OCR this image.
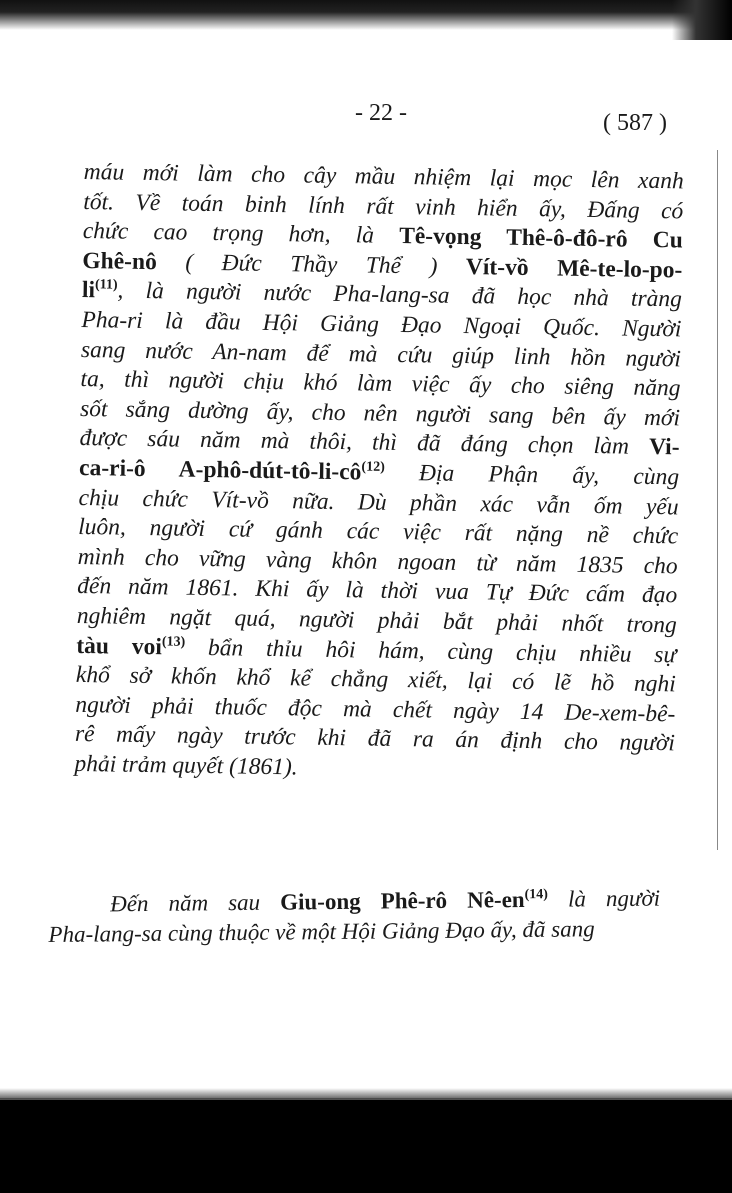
- 22 -	( 587 )
máu mới làm cho cây mầu nhiệm lại mọc lên xanh
tốt. Về toán binh lính rất vinh hiển ấy, Đấng có
chức cao trọng hơn, là Tê-vọng Thê-ô-đô-rô Cu
Ghê-nô ( Đức Thầy Thể ) Vít-vồ Mê-te-lo-po-
$li^{(11)}$, là người nước Pha-lang-sa đã học nhà tràng
Pha-ri là đầu Hội Giảng Đạo Ngoại Quốc. Người
sang nước An-nam để mà cứu giúp linh hồn người
ta, thì người chịu khó làm việc ấy cho siêng năng
sốt sắng dường ấy, cho nên người sang bên ấy mới
được sáu năm mà thôi, thì đã đáng chọn làm Vi-
ca-ri-ô $A-phô-dút-tô-li-cô^{(12)}$ Địa Phận ấy, cùng
chịu chức Vít-vồ nữa. Dù phần xác vẫn ốm yếu
luôn, người cứ gánh các việc rất nặng nề chức
mình cho vững vàng khôn ngoan từ năm 1835 cho
đến năm 1861. Khi ấy là thời vua Tự Đức cấm đạo
nghiêm ngặt quá, người phải bắt phải nhốt trong
tàu voi$^{(13)}$ bẩn thỉu hôi hám, cùng chịu nhiều sự
khổ sở khốn khổ kể chẳng xiết, lại có lẽ hồ nghi
người phải thuốc độc mà chết ngày 14 De-xem-bê-
rê mấy ngày trước khi đã ra án định cho người
phải trảm quyết (1861).
Đến năm sau Giu-ong Phê-rô $Nê-en^{(14)}$ là người
Pha-lang-sa cùng thuộc về một Hội Giảng Đạo ấy, đã sang
